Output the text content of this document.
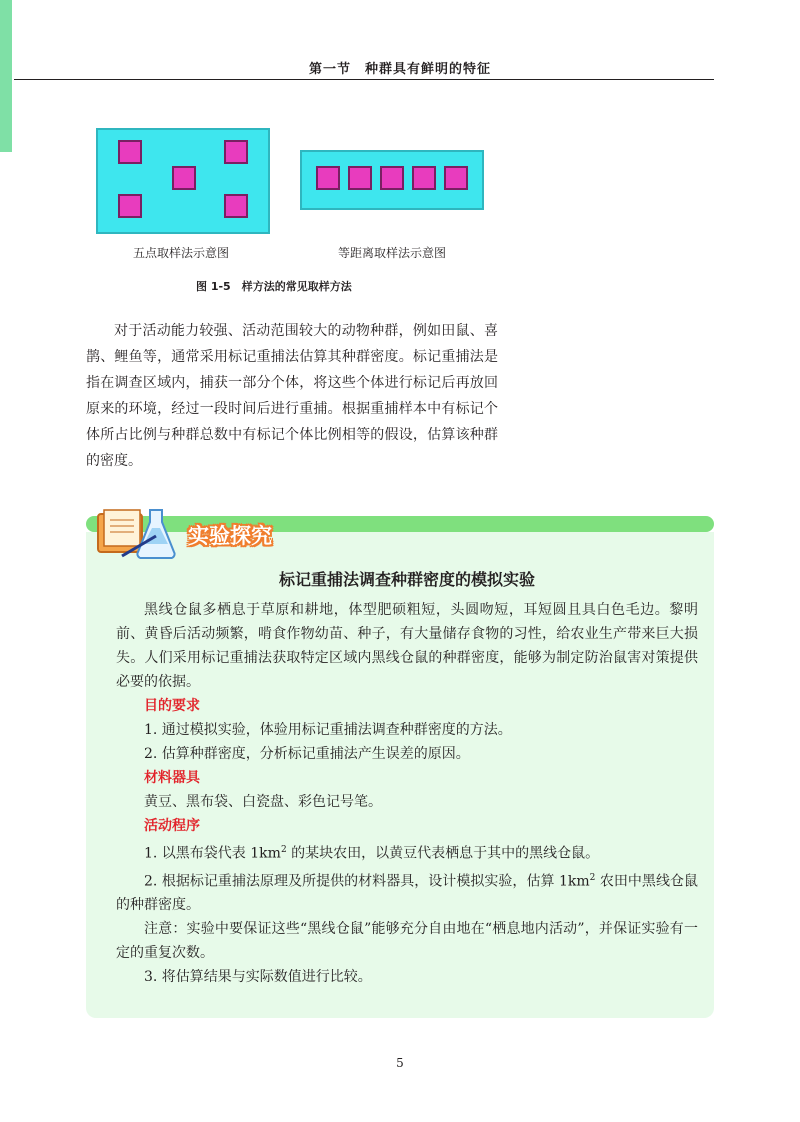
第一节　种群具有鲜明的特征
五点取样法示意图	等距离取样法示意图
图 1-5　样方法的常见取样方法

对于活动能力较强、活动范围较大的动物种群，例如田鼠、喜鹊、鲤鱼等，通常采用标记重捕法估算其种群密度。标记重捕法是指在调查区域内，捕获一部分个体，将这些个体进行标记后再放回原来的环境，经过一段时间后进行重捕。根据重捕样本中有标记个体所占比例与种群总数中有标记个体比例相等的假设，估算该种群的密度。

实验探究
标记重捕法调查种群密度的模拟实验

黑线仓鼠多栖息于草原和耕地，体型肥硕粗短，头圆吻短，耳短圆且具白色毛边。黎明前、黄昏后活动频繁，啃食作物幼苗、种子，有大量储存食物的习性，给农业生产带来巨大损失。人们采用标记重捕法获取特定区域内黑线仓鼠的种群密度，能够为制定防治鼠害对策提供必要的依据。

目的要求

1. 通过模拟实验，体验用标记重捕法调查种群密度的方法。

2. 估算种群密度，分析标记重捕法产生误差的原因。

材料器具

黄豆、黑布袋、白瓷盘、彩色记号笔。

活动程序

1. 以黑布袋代表 $1km^2$ 的某块农田，以黄豆代表栖息于其中的黑线仓鼠。

2. 根据标记重捕法原理及所提供的材料器具，设计模拟实验，估算 $1km^2$ 农田中黑线仓鼠的种群密度。

注意：实验中要保证这些“黑线仓鼠”能够充分自由地在“栖息地内活动”，并保证实验有一定的重复次数。

3. 将估算结果与实际数值进行比较。

5
